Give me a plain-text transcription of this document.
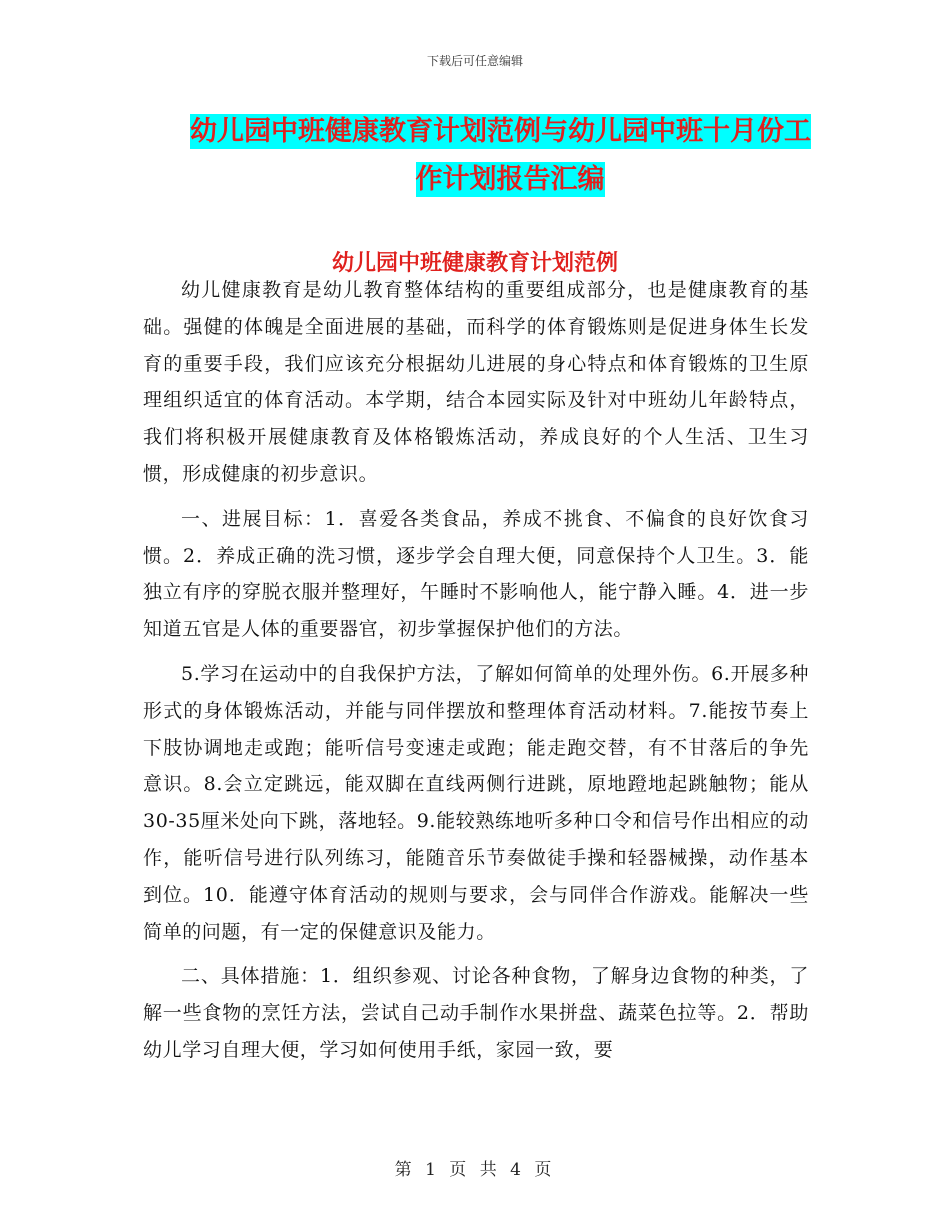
下载后可任意编辑
幼儿园中班健康教育计划范例与幼儿园中班十月份工
作计划报告汇编
幼儿园中班健康教育计划范例

幼儿健康教育是幼儿教育整体结构的重要组成部分，也是健康教育的基础。强健的体魄是全面进展的基础，而科学的体育锻炼则是促进身体生长发育的重要手段，我们应该充分根据幼儿进展的身心特点和体育锻炼的卫生原理组织适宜的体育活动。本学期，结合本园实际及针对中班幼儿年龄特点，我们将积极开展健康教育及体格锻炼活动，养成良好的个人生活、卫生习惯，形成健康的初步意识。

一、进展目标：1．喜爱各类食品，养成不挑食、不偏食的良好饮食习惯。2．养成正确的洗习惯，逐步学会自理大便，同意保持个人卫生。3．能独立有序的穿脱衣服并整理好，午睡时不影响他人，能宁静入睡。4．进一步知道五官是人体的重要器官，初步掌握保护他们的方法。

5.学习在运动中的自我保护方法，了解如何简单的处理外伤。6.开展多种形式的身体锻炼活动，并能与同伴摆放和整理体育活动材料。7.能按节奏上下肢协调地走或跑；能听信号变速走或跑；能走跑交替，有不甘落后的争先意识。8.会立定跳远，能双脚在直线两侧行进跳，原地蹬地起跳触物；能从30-35厘米处向下跳，落地轻。9.能较熟练地听多种口令和信号作出相应的动作，能听信号进行队列练习，能随音乐节奏做徒手操和轻器械操，动作基本到位。10．能遵守体育活动的规则与要求，会与同伴合作游戏。能解决一些简单的问题，有一定的保健意识及能力。

二、具体措施：1．组织参观、讨论各种食物，了解身边食物的种类，了解一些食物的烹饪方法，尝试自己动手制作水果拼盘、蔬菜色拉等。2．帮助幼儿学习自理大便，学习如何使用手纸，家园一致，要

第 1 页 共 4 页
